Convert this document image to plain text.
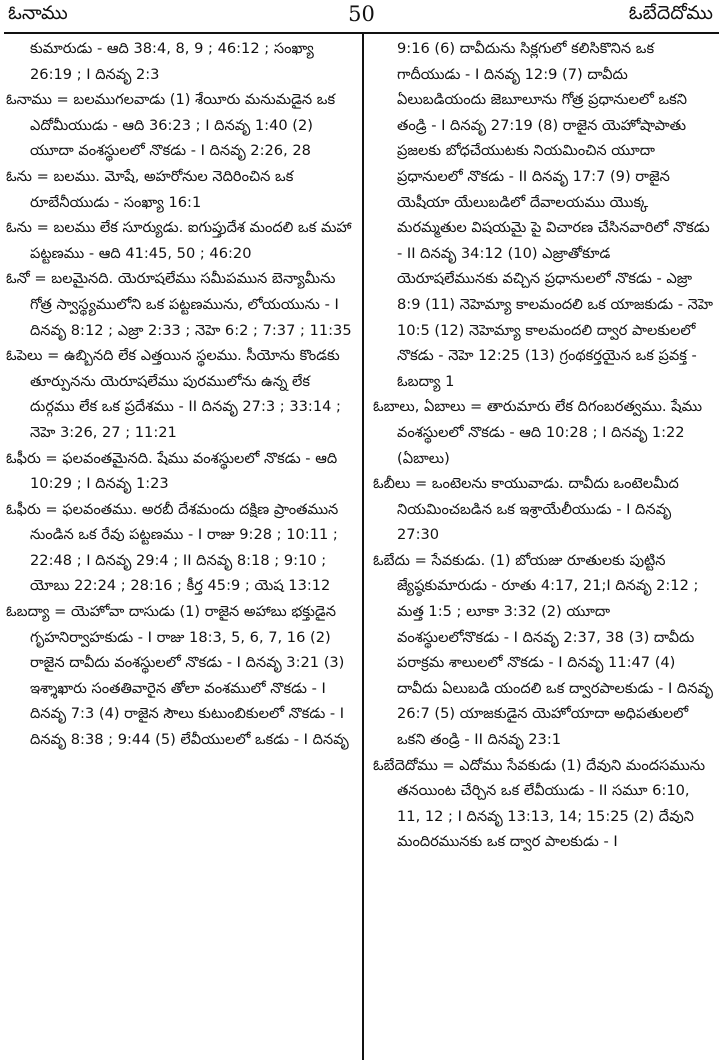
ఓనాము	50	ఓబేదెదోము

కుమారుడు - ఆది 38:4, 8, 9 ; 46:12 ; సంఖ్యా 26:19 ; I దినవృ 2:3

ఓనాము = బలముగలవాడు (1) శేయీరు మనుమడైన ఒక ఎదోమీయుడు - ఆది 36:23 ; I దినవృ 1:40 (2) యూదా వంశస్థులలో నొకడు - I దినవృ 2:26, 28

ఓను = బలము. మోషే, అహరోనుల నెదిరించిన ఒక రూబేనీయుడు - సంఖ్యా 16:1

ఓను = బలము లేక సూర్యుడు. ఐగుప్తుదేశ మందలి ఒక మహా పట్టణము - ఆది 41:45, 50 ; 46:20

ఓనో = బలమైనది. యెరూషలేము సమీపమున బెన్యామీను గోత్ర స్వాస్థ్యములోని ఒక పట్టణమును, లోయయును - I దినవృ 8:12 ; ఎజ్రా 2:33 ; నెహె 6:2 ; 7:37 ; 11:35

ఓపెలు = ఉబ్బినది లేక ఎత్తయిన స్థలము. సీయోను కొండకు తూర్పునను యెరూషలేము పురములోను ఉన్న లేక దుర్గము లేక ఒక ప్రదేశము - II దినవృ 27:3 ; 33:14 ; నెహె 3:26, 27 ; 11:21

ఓఫీరు = ఫలవంతమైనది. షేము వంశస్థులలో నొకడు - ఆది 10:29 ; I దినవృ 1:23

ఓఫీరు = ఫలవంతము. అరబీ దేశమందు దక్షిణ ప్రాంతమున నుండిన ఒక రేవు పట్టణము - I రాజు 9:28 ; 10:11 ; 22:48 ; I దినవృ 29:4 ; II దినవృ 8:18 ; 9:10 ; యోబు 22:24 ; 28:16 ; కీర్త 45:9 ; యెష 13:12

ఓబద్యా = యెహోవా దాసుడు (1) రాజైన అహాబు భక్తుడైన గృహనిర్వాహకుడు - I రాజు 18:3, 5, 6, 7, 16 (2) రాజైన దావీదు వంశస్థులలో నొకడు - I దినవృ 3:21 (3) ఇశ్శాఖారు సంతతివారైన తోలా వంశములో నొకడు - I దినవృ 7:3 (4) రాజైన సౌలు కుటుంబికులలో నొకడు - I దినవృ 8:38 ; 9:44 (5) లేవీయులలో ఒకడు - I దినవృ

9:16 (6) దావీదును సిక్లగులో కలిసికొనిన ఒక గాదీయుడు - I దినవృ 12:9 (7) దావీదు ఏలుబడియందు జెబూలూను గోత్ర ప్రధానులలో ఒకని తండ్రి - I దినవృ 27:19 (8) రాజైన యెహోషాపాతు ప్రజలకు బోధచేయుటకు నియమించిన యూదా ప్రధానులలో నొకడు - II దినవృ 17:7 (9) రాజైన యెషీయా యేలుబడిలో దేవాలయము యొక్క మరమ్మతుల విషయమై పై విచారణ చేసినవారిలో నొకడు - II దినవృ 34:12 (10) ఎజ్రాతోకూడ యెరూషలేమునకు వచ్చిన ప్రధానులలో నొకడు - ఎజ్రా 8:9 (11) నెహెమ్యా కాలమందలి ఒక యాజకుడు - నెహె 10:5 (12) నెహెమ్యా కాలమందలి ద్వార పాలకులలో నొకడు - నెహె 12:25 (13) గ్రంథకర్తయైన ఒక ప్రవక్త - ఓబద్యా 1

ఓబాలు, ఏబాలు = తారుమారు లేక దిగంబరత్వము. షేము వంశస్థులలో నొకడు - ఆది 10:28 ; I దినవృ 1:22 (ఏబాలు)

ఓబీలు = ఒంటెలను కాయువాడు. దావీదు ఒంటెలమీద నియమించబడిన ఒక ఇశ్రాయేలీయుడు - I దినవృ 27:30

ఓబేదు = సేవకుడు. (1) బోయజు రూతులకు పుట్టిన జ్యేష్ఠకుమారుడు - రూతు 4:17, 21;I దినవృ 2:12 ; మత్త 1:5 ; లూకా 3:32 (2) యూదా వంశస్థులలోనొకడు - I దినవృ 2:37, 38 (3) దావీదు పరాక్రమ శాలులలో నొకడు - I దినవృ 11:47 (4) దావీదు ఏలుబడి యందలి ఒక ద్వారపాలకుడు - I దినవృ 26:7 (5) యాజకుడైన యెహోయాదా అధిపతులలో ఒకని తండ్రి - II దినవృ 23:1

ఓబేదెదోము = ఎదోము సేవకుడు (1) దేవుని మందసమును తనయింట చేర్చిన ఒక లేవీయుడు - II సమూ 6:10, 11, 12 ; I దినవృ 13:13, 14; 15:25 (2) దేవుని మందిరమునకు ఒక ద్వార పాలకుడు - I
